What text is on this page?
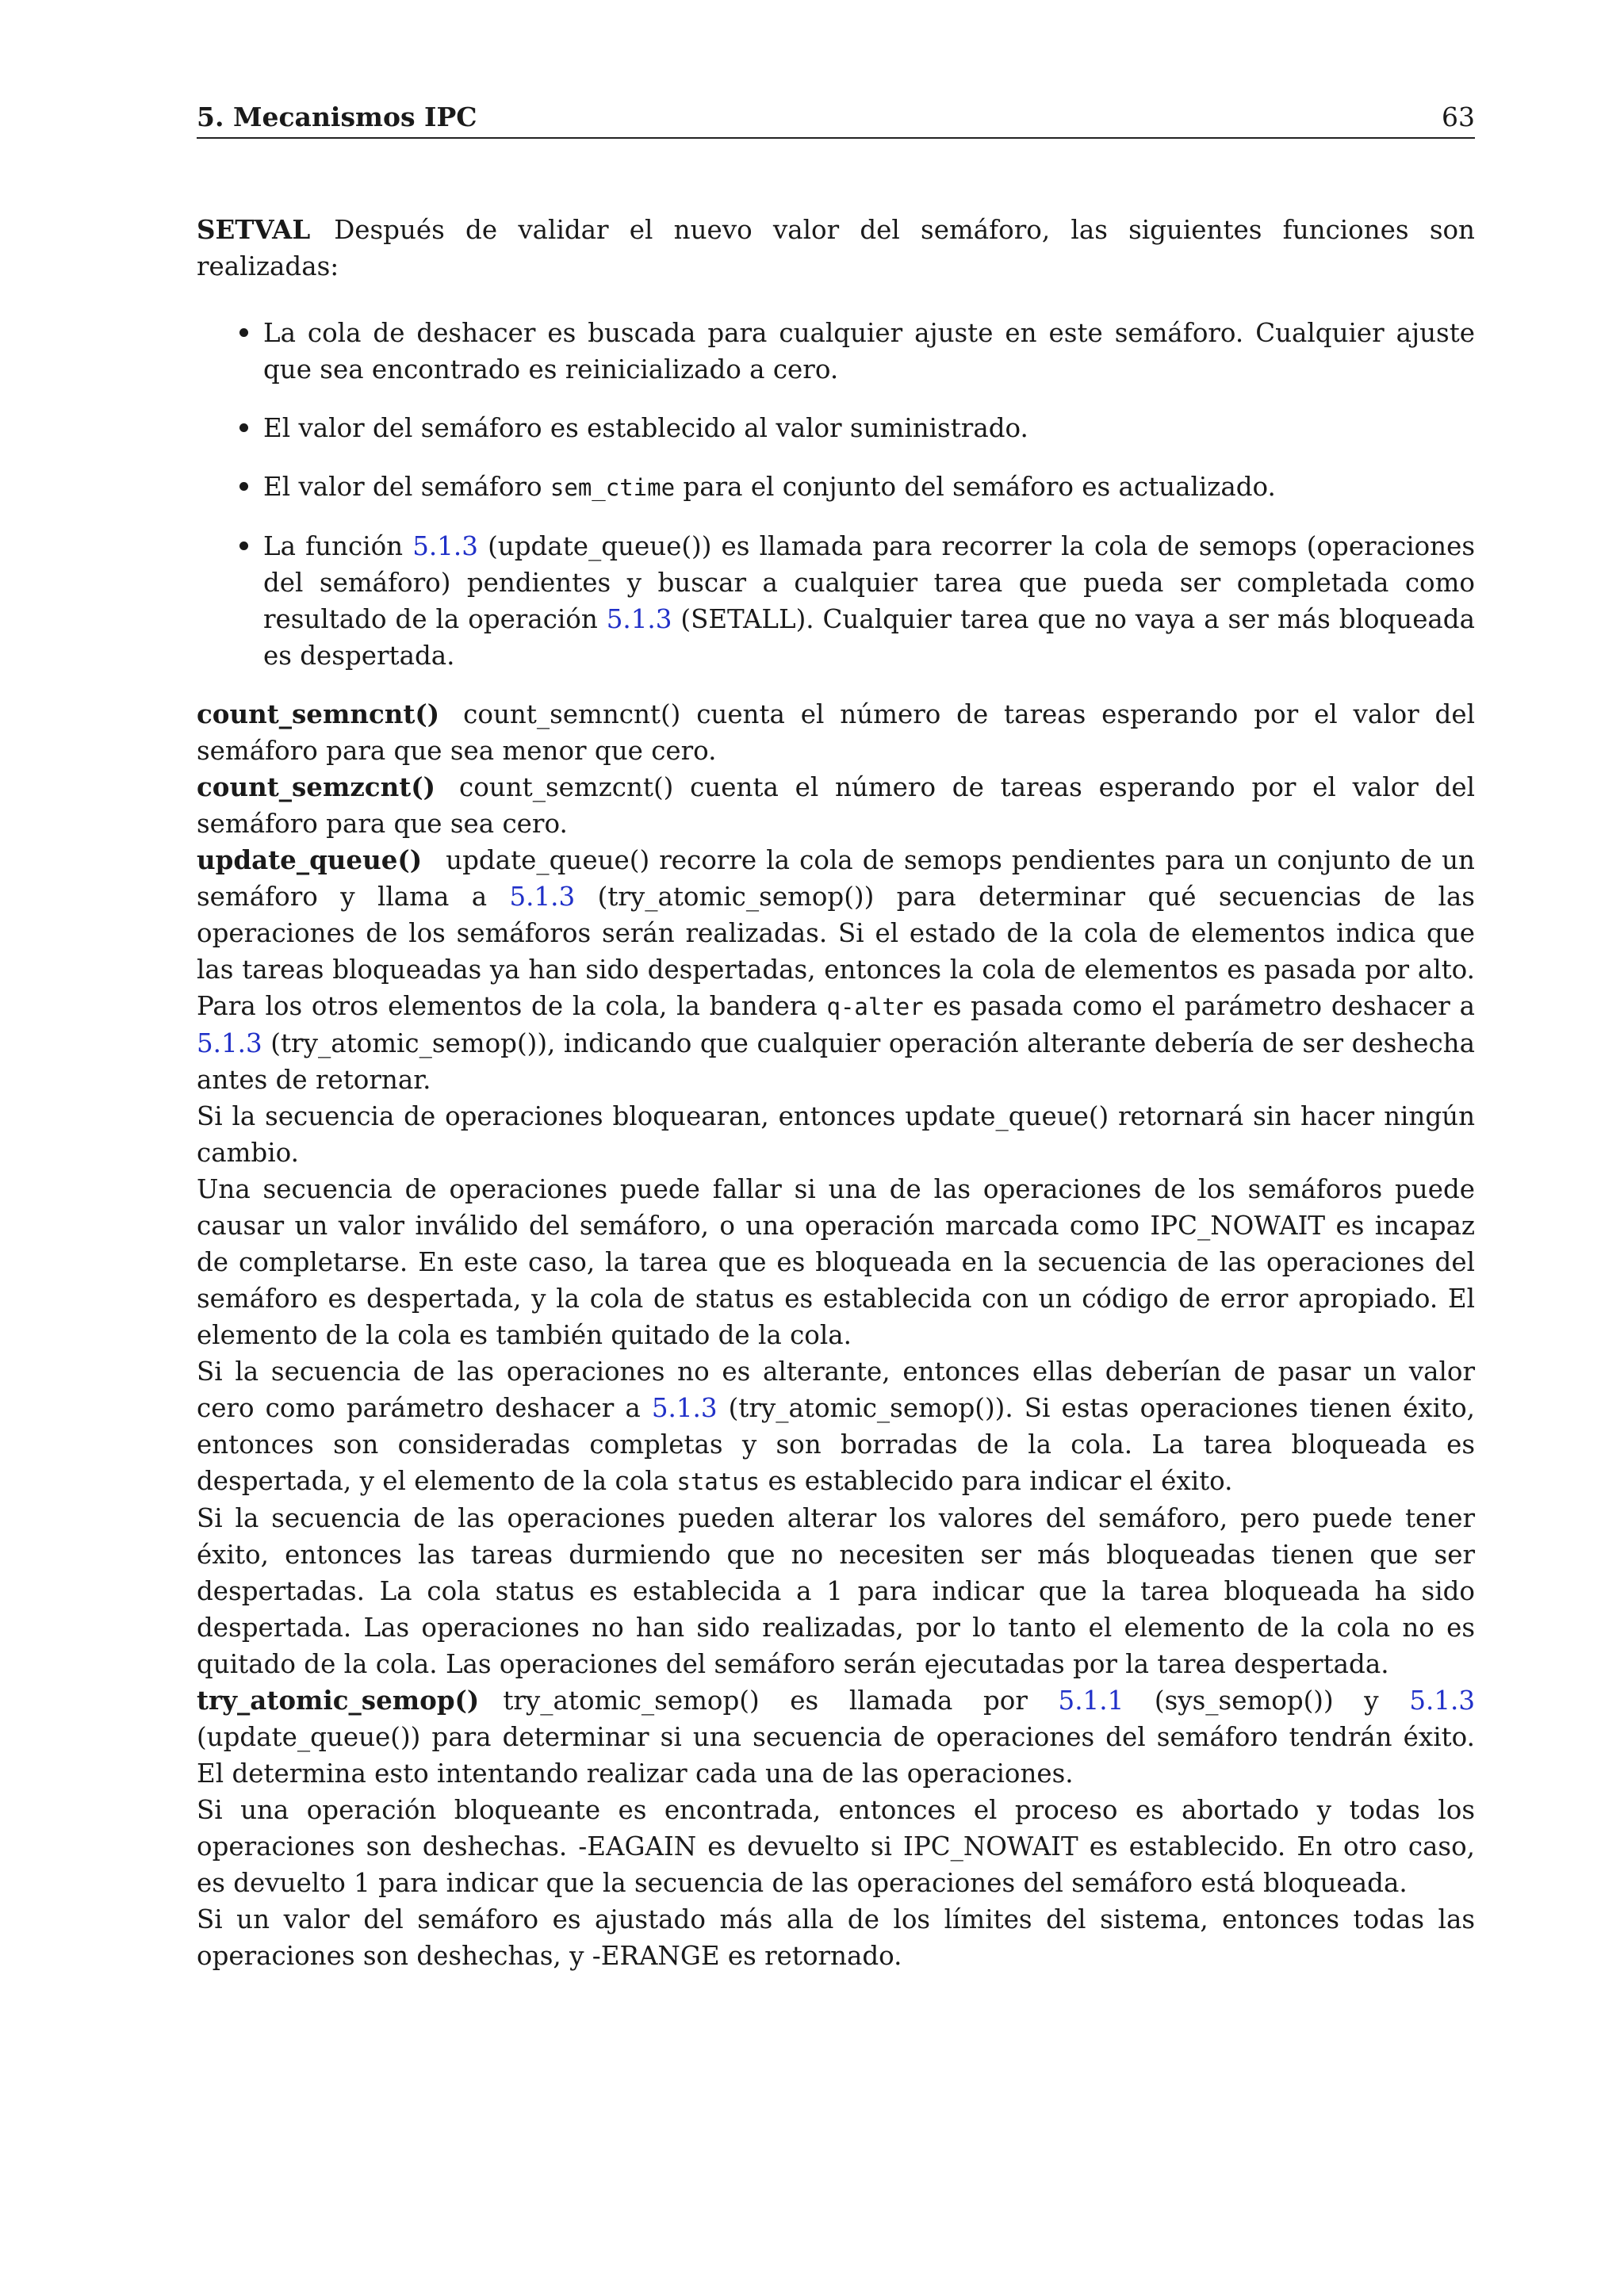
5. Mecanismos IPC	63

SETVAL Después de validar el nuevo valor del semáforo, las siguientes funciones son realizadas:

La cola de deshacer es buscada para cualquier ajuste en este semáforo. Cualquier ajuste que sea encontrado es reinicializado a cero.
El valor del semáforo es establecido al valor suministrado.
El valor del semáforo sem_ctime para el conjunto del semáforo es actualizado.
La función 5.1.3 (update_queue()) es llamada para recorrer la cola de semops (operaciones del semáforo) pendientes y buscar a cualquier tarea que pueda ser completada como resultado de la operación 5.1.3 (SETALL). Cualquier tarea que no vaya a ser más bloqueada es despertada.

count_semncnt() count_semncnt() cuenta el número de tareas esperando por el valor del semáforo para que sea menor que cero.

count_semzcnt() count_semzcnt() cuenta el número de tareas esperando por el valor del semáforo para que sea cero.

update_queue() update_queue() recorre la cola de semops pendientes para un conjunto de un semáforo y llama a 5.1.3 (try_atomic_semop()) para determinar qué secuencias de las operaciones de los semáforos serán realizadas. Si el estado de la cola de elementos indica que las tareas bloqueadas ya han sido despertadas, entonces la cola de elementos es pasada por alto. Para los otros elementos de la cola, la bandera q-alter es pasada como el parámetro deshacer a 5.1.3 (try_atomic_semop()), indicando que cualquier operación alterante debería de ser deshecha antes de retornar.

Si la secuencia de operaciones bloquearan, entonces update_queue() retornará sin hacer ningún cambio.

Una secuencia de operaciones puede fallar si una de las operaciones de los semáforos puede causar un valor inválido del semáforo, o una operación marcada como IPC_NOWAIT es incapaz de completarse. En este caso, la tarea que es bloqueada en la secuencia de las operaciones del semáforo es despertada, y la cola de status es establecida con un código de error apropiado. El elemento de la cola es también quitado de la cola.

Si la secuencia de las operaciones no es alterante, entonces ellas deberían de pasar un valor cero como parámetro deshacer a 5.1.3 (try_atomic_semop()). Si estas operaciones tienen éxito, entonces son consideradas completas y son borradas de la cola. La tarea bloqueada es despertada, y el elemento de la cola status es establecido para indicar el éxito.

Si la secuencia de las operaciones pueden alterar los valores del semáforo, pero puede tener éxito, entonces las tareas durmiendo que no necesiten ser más bloqueadas tienen que ser despertadas. La cola status es establecida a 1 para indicar que la tarea bloqueada ha sido despertada. Las operaciones no han sido realizadas, por lo tanto el elemento de la cola no es quitado de la cola. Las operaciones del semáforo serán ejecutadas por la tarea despertada.

try_atomic_semop() try_atomic_semop() es llamada por 5.1.1 (sys_semop()) y 5.1.3 (update_queue()) para determinar si una secuencia de operaciones del semáforo tendrán éxito. El determina esto intentando realizar cada una de las operaciones.

Si una operación bloqueante es encontrada, entonces el proceso es abortado y todas los operaciones son deshechas. -EAGAIN es devuelto si IPC_NOWAIT es establecido. En otro caso, es devuelto 1 para indicar que la secuencia de las operaciones del semáforo está bloqueada.

Si un valor del semáforo es ajustado más alla de los límites del sistema, entonces todas las operaciones son deshechas, y -ERANGE es retornado.
